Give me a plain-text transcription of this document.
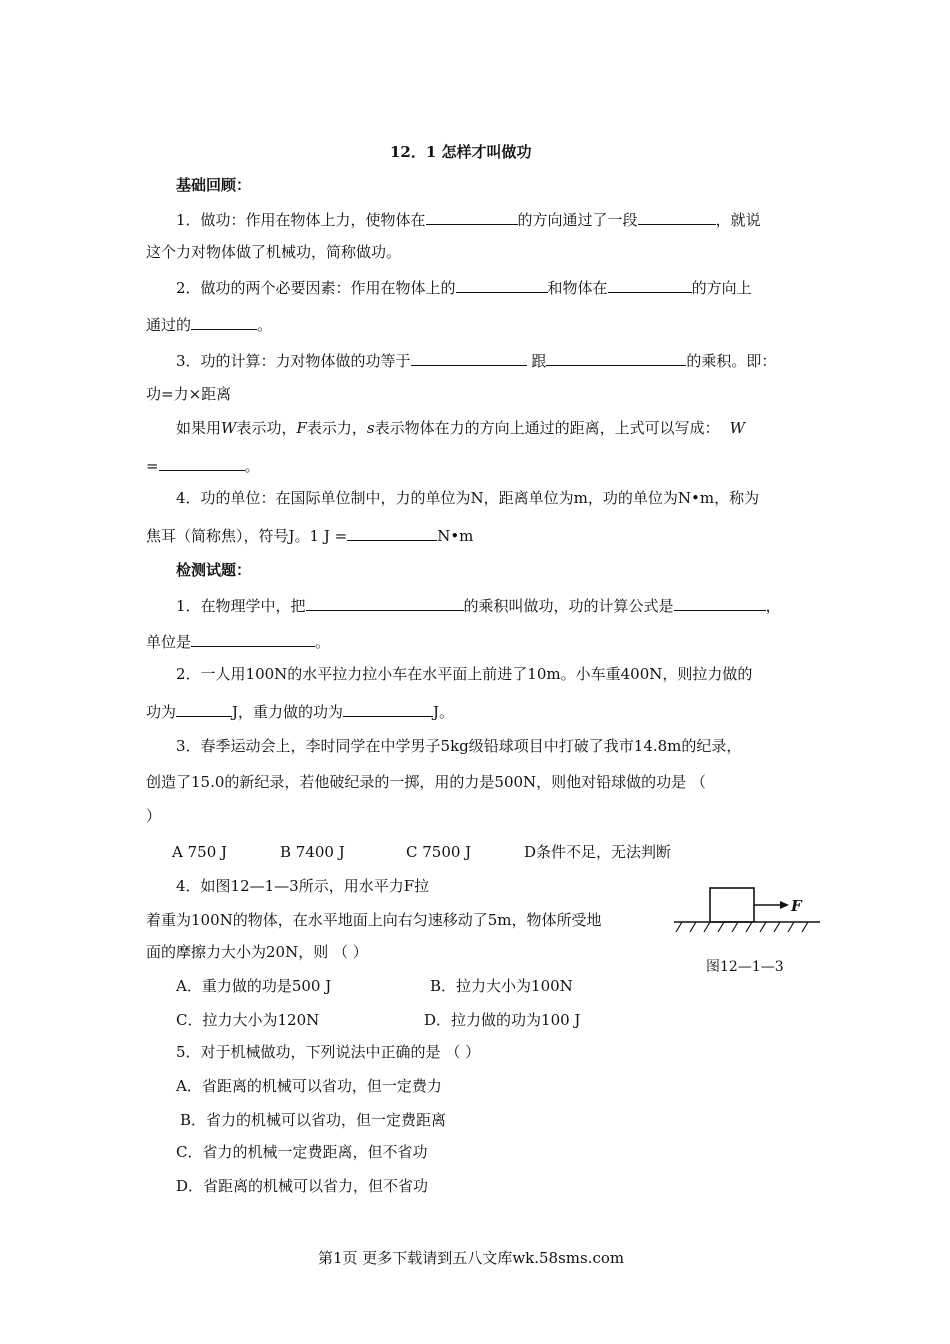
12．1 怎样才叫做功
基础回顾：
1．做功：作用在物体上力，使物体在	的方向通过了一段	，就说
这个力对物体做了机械功，简称做功。
2．做功的两个必要因素：作用在物体上的	和物体在	的方向上
通过的	。
3．功的计算：力对物体做的功等于	跟	的乘积。即：
功=力×距离
如果用W表示功，F表示力，s表示物体在力的方向上通过的距离，上式可以写成： W
=	。
4．功的单位：在国际单位制中，力的单位为N，距离单位为m，功的单位为N•m，称为
焦耳（简称焦），符号J。1 J =	N•m
检测试题：
1．在物理学中，把	的乘积叫做功，功的计算公式是	，
单位是	。
2．一人用100N的水平拉力拉小车在水平面上前进了10m。小车重400N，则拉力做的
功为	J，重力做的功为	J。
3．春季运动会上，李时同学在中学男子5kg级铅球项目中打破了我市14.8m的纪录，
创造了15.0的新纪录，若他破纪录的一掷，用的力是500N，则他对铅球做的功是 （
）
A 750 J	B 7400 J	C 7500 J	D条件不足，无法判断
4．如图12—1—3所示，用水平力F拉
着重为100N的物体，在水平地面上向右匀速移动了5m，物体所受地
面的摩擦力大小为20N，则 （ ）
A．重力做的功是500 J	B．拉力大小为100N
C．拉力大小为120N	D．拉力做的功为100 J
F
图12—1—3
5．对于机械做功，下列说法中正确的是 （ ）
A．省距离的机械可以省功，但一定费力
B．省力的机械可以省功，但一定费距离
C．省力的机械一定费距离，但不省功
D．省距离的机械可以省力，但不省功
第1页 更多下载请到五八文库wk.58sms.com
